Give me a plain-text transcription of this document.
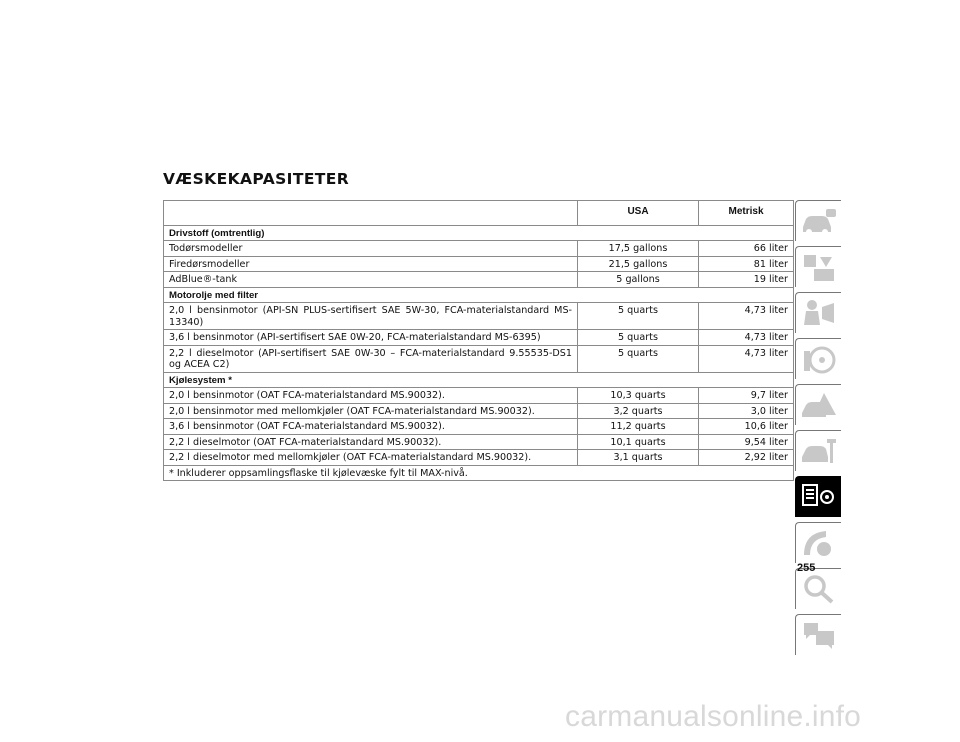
VÆSKEKAPASITETER
	USA	Metrisk
Drivstoff (omtrentlig)		
Todørsmodeller	17,5 gallons	66 liter
Firedørsmodeller	21,5 gallons	81 liter
AdBlue®-tank	5 gallons	19 liter
Motorolje med filter		
2,0 l bensinmotor (API-SN PLUS-sertifisert SAE 5W-30, FCA-materialstandard MS-13340)	5 quarts	4,73 liter
3,6 l bensinmotor (API-sertifisert SAE 0W-20, FCA-materialstandard MS-6395)	5 quarts	4,73 liter
2,2 l dieselmotor (API-sertifisert SAE 0W-30 – FCA-materialstandard 9.55535-DS1 og ACEA C2)	5 quarts	4,73 liter
Kjølesystem *		
2,0 l bensinmotor (OAT FCA-materialstandard MS.90032).	10,3 quarts	9,7 liter
2,0 l bensinmotor med mellomkjøler (OAT FCA-materialstandard MS.90032).	3,2 quarts	3,0 liter
3,6 l bensinmotor (OAT FCA-materialstandard MS.90032).	11,2 quarts	10,6 liter
2,2 l dieselmotor (OAT FCA-materialstandard MS.90032).	10,1 quarts	9,54 liter
2,2 l dieselmotor med mellomkjøler (OAT FCA-materialstandard MS.90032).	3,1 quarts	2,92 liter
* Inkluderer oppsamlingsflaske til kjølevæske fylt til MAX-nivå.		
255
carmanualsonline.info
